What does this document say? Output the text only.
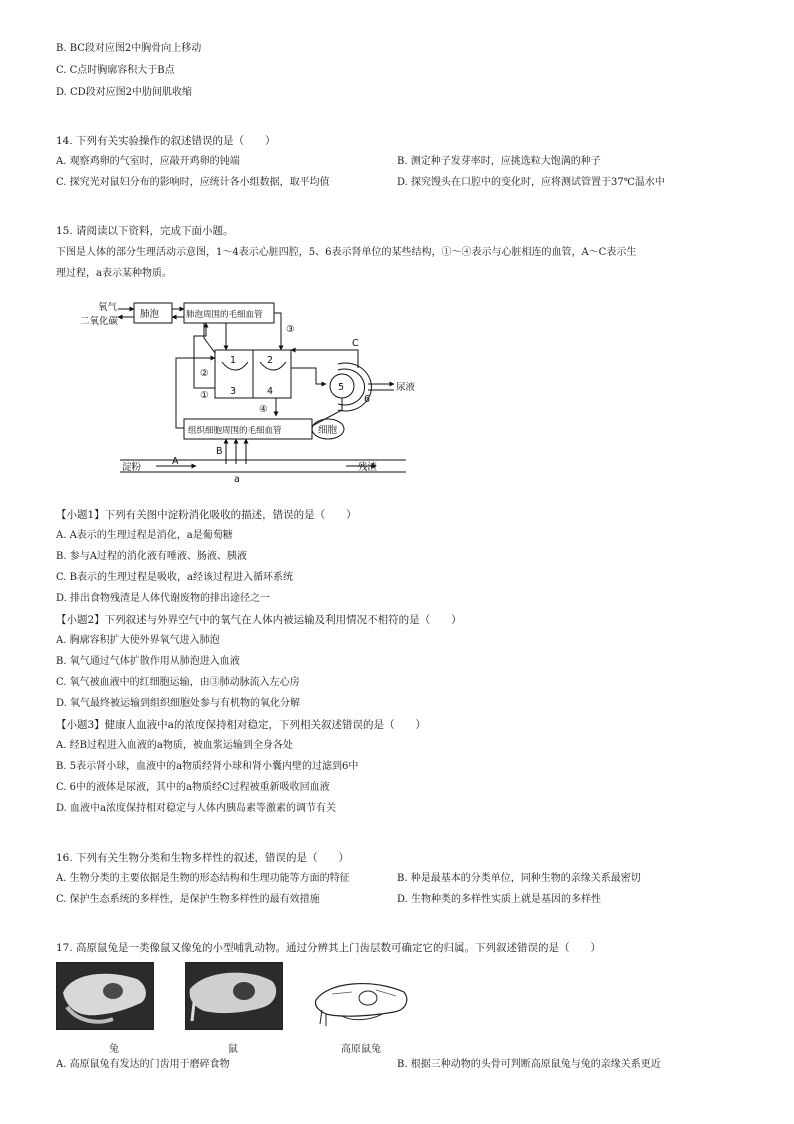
B. BC段对应图2中胸骨向上移动
C. C点时胸廓容积大于B点
D. CD段对应图2中肋间肌收缩
14. 下列有关实验操作的叙述错误的是（　　）
A. 观察鸡卵的气室时，应敲开鸡卵的钝端	B. 测定种子发芽率时，应挑选粒大饱满的种子
C. 探究光对鼠妇分布的影响时，应统计各小组数据，取平均值	D. 探究馒头在口腔中的变化时，应将测试管置于37℃温水中
15. 请阅读以下资料，完成下面小题。
下图是人体的部分生理活动示意图，1～4表示心脏四腔，5、6表示肾单位的某些结构，①～④表示与心脏相连的血管，A～C表示生
理过程，a表示某种物质。
氧气
二氧化碳
肺泡	肺泡周围的毛细血管
③
C
1	2
3	4
②
①
④
5
6
尿液
组织细胞周围的毛细血管	细胞
B
A
淀粉
a
残渣
【小题1】下列有关图中淀粉消化吸收的描述，错误的是（　　）
A. A表示的生理过程是消化，a是葡萄糖
B. 参与A过程的消化液有唾液、肠液、胰液
C. B表示的生理过程是吸收，a经该过程进入循环系统
D. 排出食物残渣是人体代谢废物的排出途径之一
【小题2】下列叙述与外界空气中的氧气在人体内被运输及利用情况不相符的是（　　）
A. 胸廓容积扩大使外界氧气进入肺泡
B. 氧气通过气体扩散作用从肺泡进入血液
C. 氧气被血液中的红细胞运输，由③肺动脉流入左心房
D. 氧气最终被运输到组织细胞处参与有机物的氧化分解
【小题3】健康人血液中a的浓度保持相对稳定，下列相关叙述错误的是（　　）
A. 经B过程进入血液的a物质，被血浆运输到全身各处
B. 5表示肾小球，血液中的a物质经肾小球和肾小囊内壁的过滤到6中
C. 6中的液体是尿液，其中的a物质经C过程被重新吸收回血液
D. 血液中a浓度保持相对稳定与人体内胰岛素等激素的调节有关
16. 下列有关生物分类和生物多样性的叙述，错误的是（　　）
A. 生物分类的主要依据是生物的形态结构和生理功能等方面的特征	B. 种是最基本的分类单位，同种生物的亲缘关系最密切
C. 保护生态系统的多样性，是保护生物多样性的最有效措施	D. 生物种类的多样性实质上就是基因的多样性
17. 高原鼠兔是一类像鼠又像兔的小型哺乳动物。通过分辨其上门齿层数可确定它的归属。下列叙述错误的是（　　）
兔	鼠	高原鼠兔
A. 高原鼠兔有发达的门齿用于磨碎食物	B. 根据三种动物的头骨可判断高原鼠兔与兔的亲缘关系更近
